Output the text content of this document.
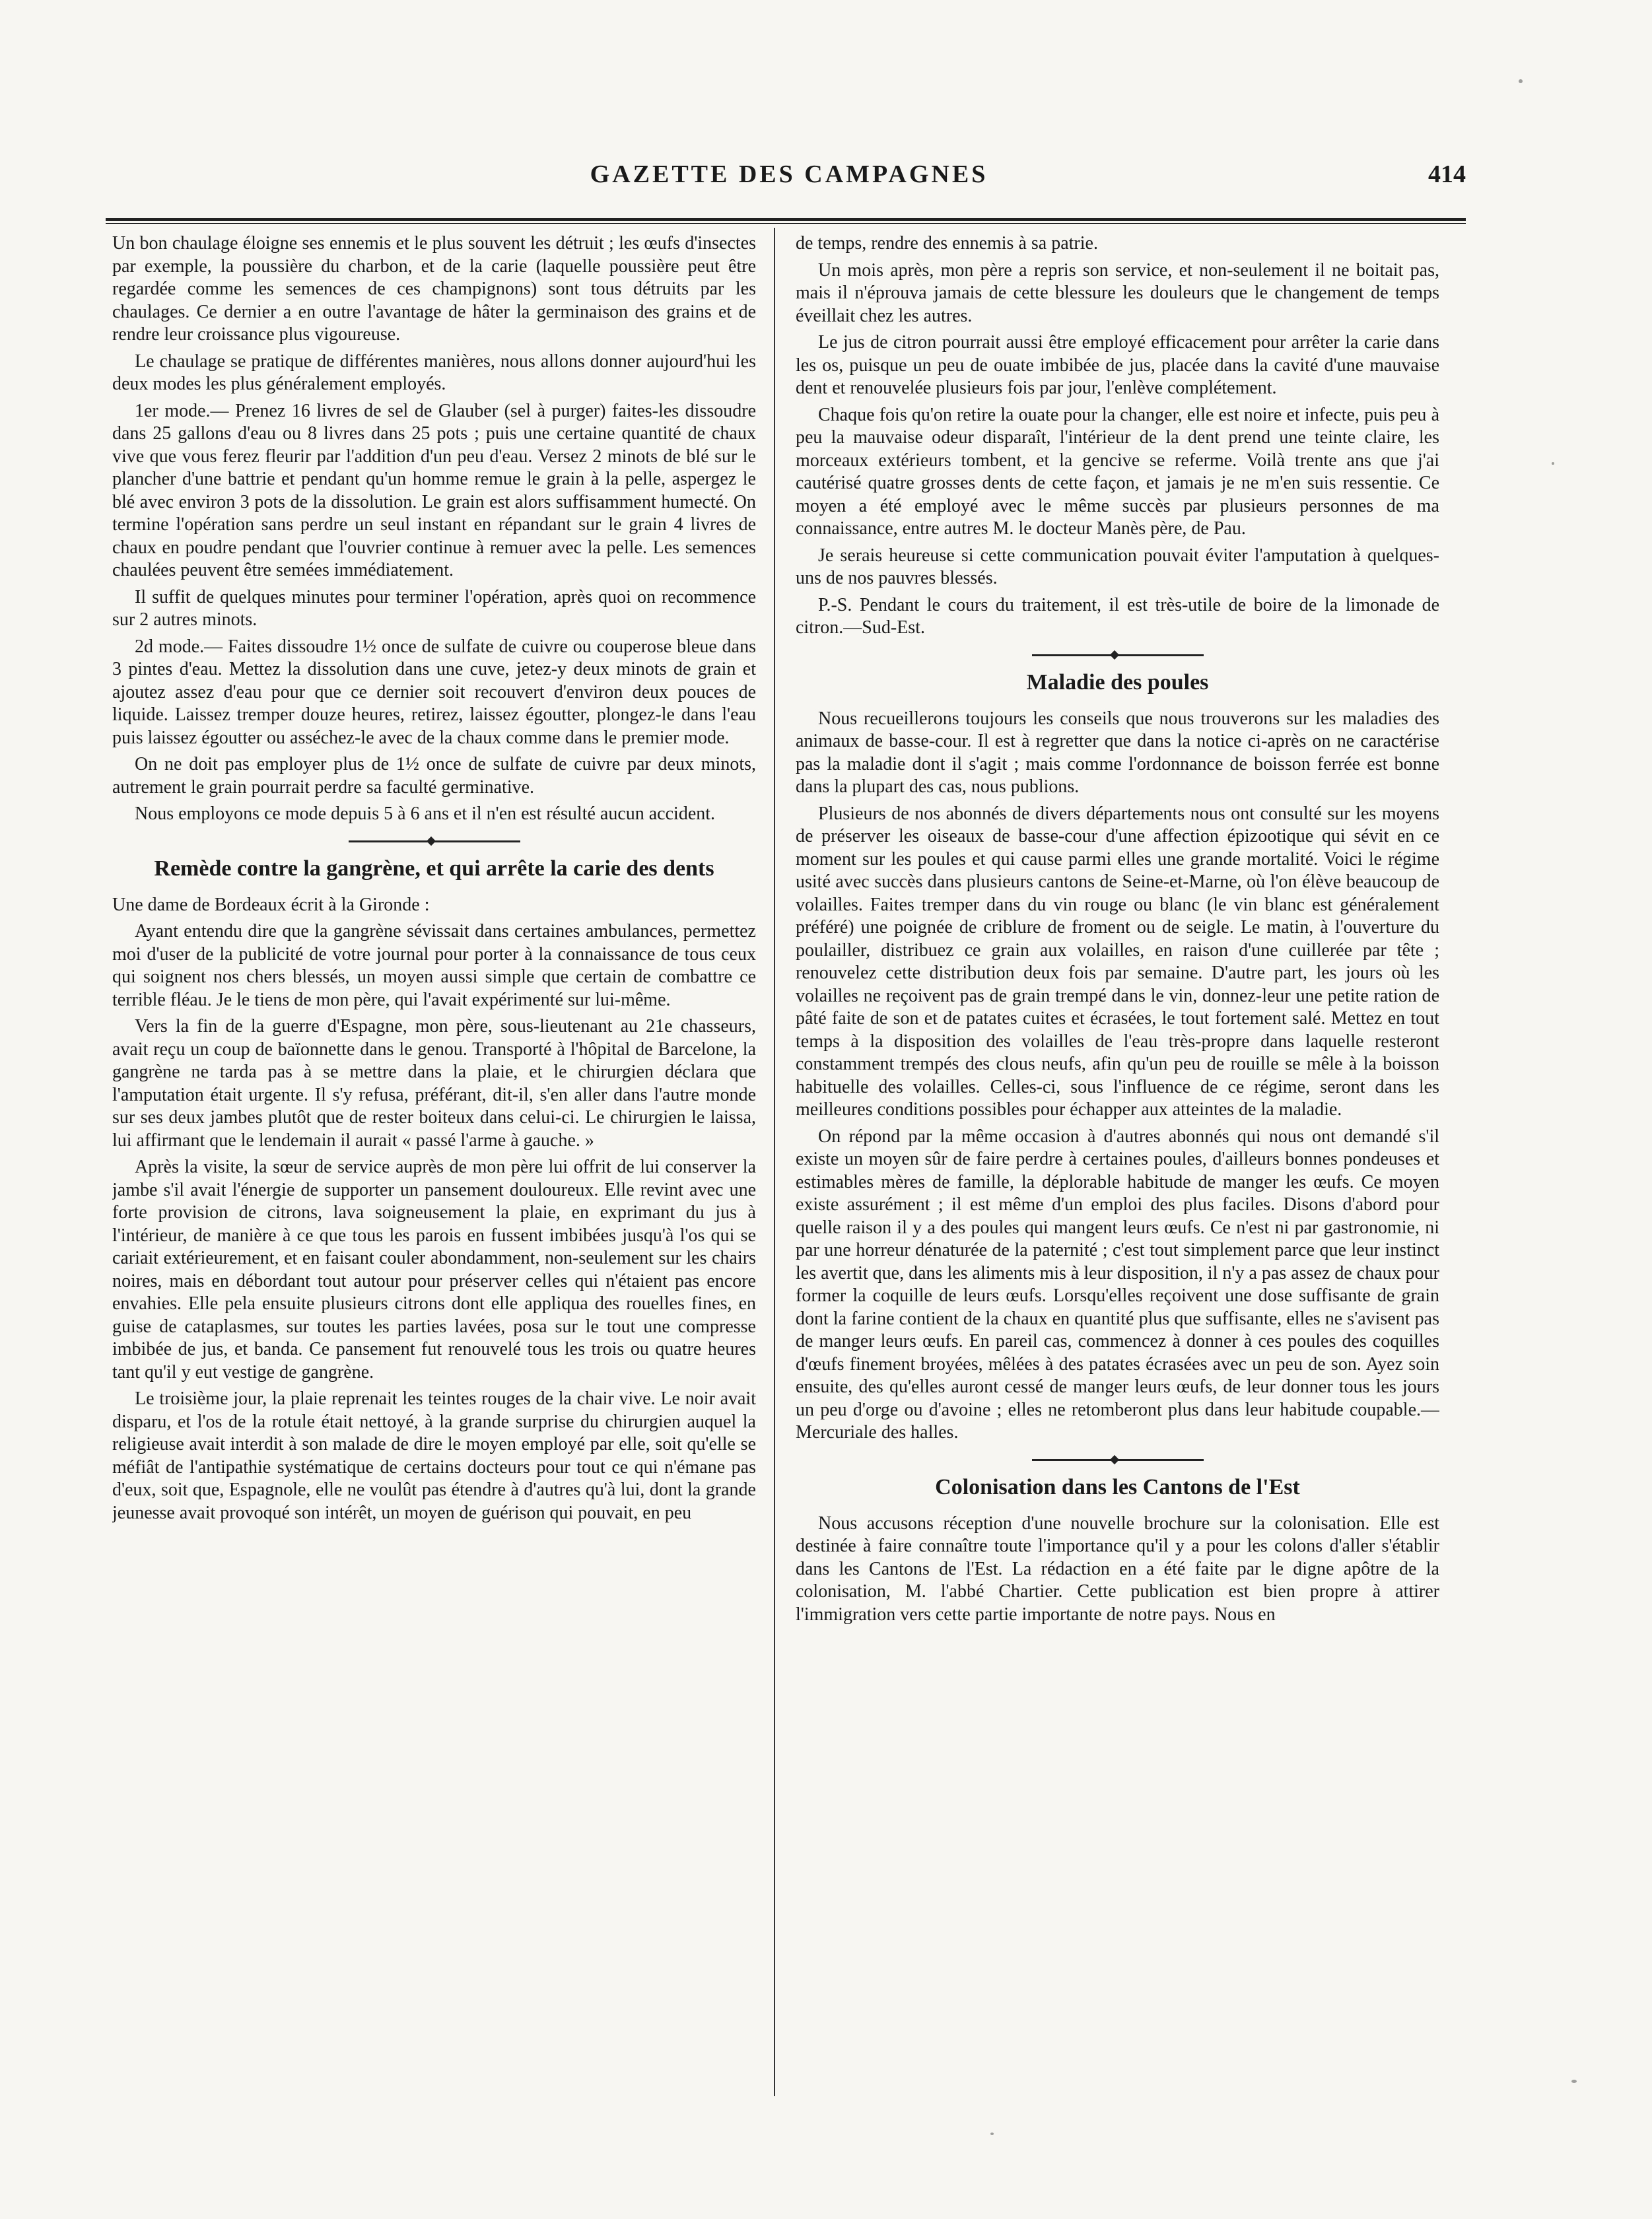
GAZETTE DES CAMPAGNES	414

Un bon chaulage éloigne ses ennemis et le plus souvent les détruit ; les œufs d'insectes par exemple, la poussière du charbon, et de la carie (laquelle poussière peut être regardée comme les semences de ces champignons) sont tous détruits par les chaulages. Ce dernier a en outre l'avantage de hâter la germinaison des grains et de rendre leur croissance plus vigoureuse.

Le chaulage se pratique de différentes manières, nous allons donner aujourd'hui les deux modes les plus généralement employés.

1er mode.— Prenez 16 livres de sel de Glauber (sel à purger) faites-les dissoudre dans 25 gallons d'eau ou 8 livres dans 25 pots ; puis une certaine quantité de chaux vive que vous ferez fleurir par l'addition d'un peu d'eau. Versez 2 minots de blé sur le plancher d'une battrie et pendant qu'un homme remue le grain à la pelle, aspergez le blé avec environ 3 pots de la dissolution. Le grain est alors suffisamment humecté. On termine l'opération sans perdre un seul instant en répandant sur le grain 4 livres de chaux en poudre pendant que l'ouvrier continue à remuer avec la pelle. Les semences chaulées peuvent être semées immédiatement.

Il suffit de quelques minutes pour terminer l'opération, après quoi on recommence sur 2 autres minots.

2d mode.— Faites dissoudre 1½ once de sulfate de cuivre ou couperose bleue dans 3 pintes d'eau. Mettez la dissolution dans une cuve, jetez-y deux minots de grain et ajoutez assez d'eau pour que ce dernier soit recouvert d'environ deux pouces de liquide. Laissez tremper douze heures, retirez, laissez égoutter, plongez-le dans l'eau puis laissez égoutter ou asséchez-le avec de la chaux comme dans le premier mode.

On ne doit pas employer plus de 1½ once de sulfate de cuivre par deux minots, autrement le grain pourrait perdre sa faculté germinative.

Nous employons ce mode depuis 5 à 6 ans et il n'en est résulté aucun accident.

Remède contre la gangrène, et qui arrête la carie des dents

Une dame de Bordeaux écrit à la Gironde :

Ayant entendu dire que la gangrène sévissait dans certaines ambulances, permettez moi d'user de la publicité de votre journal pour porter à la connaissance de tous ceux qui soignent nos chers blessés, un moyen aussi simple que certain de combattre ce terrible fléau. Je le tiens de mon père, qui l'avait expérimenté sur lui-même.

Vers la fin de la guerre d'Espagne, mon père, sous-lieutenant au 21e chasseurs, avait reçu un coup de baïonnette dans le genou. Transporté à l'hôpital de Barcelone, la gangrène ne tarda pas à se mettre dans la plaie, et le chirurgien déclara que l'amputation était urgente. Il s'y refusa, préférant, dit-il, s'en aller dans l'autre monde sur ses deux jambes plutôt que de rester boiteux dans celui-ci. Le chirurgien le laissa, lui affirmant que le lendemain il aurait « passé l'arme à gauche. »

Après la visite, la sœur de service auprès de mon père lui offrit de lui conserver la jambe s'il avait l'énergie de supporter un pansement douloureux. Elle revint avec une forte provision de citrons, lava soigneusement la plaie, en exprimant du jus à l'intérieur, de manière à ce que tous les parois en fussent imbibées jusqu'à l'os qui se cariait extérieurement, et en faisant couler abondamment, non-seulement sur les chairs noires, mais en débordant tout autour pour préserver celles qui n'étaient pas encore envahies. Elle pela ensuite plusieurs citrons dont elle appliqua des rouelles fines, en guise de cataplasmes, sur toutes les parties lavées, posa sur le tout une compresse imbibée de jus, et banda. Ce pansement fut renouvelé tous les trois ou quatre heures tant qu'il y eut vestige de gangrène.

Le troisième jour, la plaie reprenait les teintes rouges de la chair vive. Le noir avait disparu, et l'os de la rotule était nettoyé, à la grande surprise du chirurgien auquel la religieuse avait interdit à son malade de dire le moyen employé par elle, soit qu'elle se méfiât de l'antipathie systématique de certains docteurs pour tout ce qui n'émane pas d'eux, soit que, Espagnole, elle ne voulût pas étendre à d'autres qu'à lui, dont la grande jeunesse avait provoqué son intérêt, un moyen de guérison qui pouvait, en peu

de temps, rendre des ennemis à sa patrie.

Un mois après, mon père a repris son service, et non-seulement il ne boitait pas, mais il n'éprouva jamais de cette blessure les douleurs que le changement de temps éveillait chez les autres.

Le jus de citron pourrait aussi être employé efficacement pour arrêter la carie dans les os, puisque un peu de ouate imbibée de jus, placée dans la cavité d'une mauvaise dent et renouvelée plusieurs fois par jour, l'enlève complétement.

Chaque fois qu'on retire la ouate pour la changer, elle est noire et infecte, puis peu à peu la mauvaise odeur disparaît, l'intérieur de la dent prend une teinte claire, les morceaux extérieurs tombent, et la gencive se referme. Voilà trente ans que j'ai cautérisé quatre grosses dents de cette façon, et jamais je ne m'en suis ressentie. Ce moyen a été employé avec le même succès par plusieurs personnes de ma connaissance, entre autres M. le docteur Manès père, de Pau.

Je serais heureuse si cette communication pouvait éviter l'amputation à quelques-uns de nos pauvres blessés.

P.-S. Pendant le cours du traitement, il est très-utile de boire de la limonade de citron.—Sud-Est.

Maladie des poules

Nous recueillerons toujours les conseils que nous trouverons sur les maladies des animaux de basse-cour. Il est à regretter que dans la notice ci-après on ne caractérise pas la maladie dont il s'agit ; mais comme l'ordonnance de boisson ferrée est bonne dans la plupart des cas, nous publions.

Plusieurs de nos abonnés de divers départements nous ont consulté sur les moyens de préserver les oiseaux de basse-cour d'une affection épizootique qui sévit en ce moment sur les poules et qui cause parmi elles une grande mortalité. Voici le régime usité avec succès dans plusieurs cantons de Seine-et-Marne, où l'on élève beaucoup de volailles. Faites tremper dans du vin rouge ou blanc (le vin blanc est généralement préféré) une poignée de criblure de froment ou de seigle. Le matin, à l'ouverture du poulailler, distribuez ce grain aux volailles, en raison d'une cuillerée par tête ; renouvelez cette distribution deux fois par semaine. D'autre part, les jours où les volailles ne reçoivent pas de grain trempé dans le vin, donnez-leur une petite ration de pâté faite de son et de patates cuites et écrasées, le tout fortement salé. Mettez en tout temps à la disposition des volailles de l'eau très-propre dans laquelle resteront constamment trempés des clous neufs, afin qu'un peu de rouille se mêle à la boisson habituelle des volailles. Celles-ci, sous l'influence de ce régime, seront dans les meilleures conditions possibles pour échapper aux atteintes de la maladie.

On répond par la même occasion à d'autres abonnés qui nous ont demandé s'il existe un moyen sûr de faire perdre à certaines poules, d'ailleurs bonnes pondeuses et estimables mères de famille, la déplorable habitude de manger les œufs. Ce moyen existe assurément ; il est même d'un emploi des plus faciles. Disons d'abord pour quelle raison il y a des poules qui mangent leurs œufs. Ce n'est ni par gastronomie, ni par une horreur dénaturée de la paternité ; c'est tout simplement parce que leur instinct les avertit que, dans les aliments mis à leur disposition, il n'y a pas assez de chaux pour former la coquille de leurs œufs. Lorsqu'elles reçoivent une dose suffisante de grain dont la farine contient de la chaux en quantité plus que suffisante, elles ne s'avisent pas de manger leurs œufs. En pareil cas, commencez à donner à ces poules des coquilles d'œufs finement broyées, mêlées à des patates écrasées avec un peu de son. Ayez soin ensuite, des qu'elles auront cessé de manger leurs œufs, de leur donner tous les jours un peu d'orge ou d'avoine ; elles ne retomberont plus dans leur habitude coupable.—Mercuriale des halles.

Colonisation dans les Cantons de l'Est

Nous accusons réception d'une nouvelle brochure sur la colonisation. Elle est destinée à faire connaître toute l'importance qu'il y a pour les colons d'aller s'établir dans les Cantons de l'Est. La rédaction en a été faite par le digne apôtre de la colonisation, M. l'abbé Chartier. Cette publication est bien propre à attirer l'immigration vers cette partie importante de notre pays. Nous en
